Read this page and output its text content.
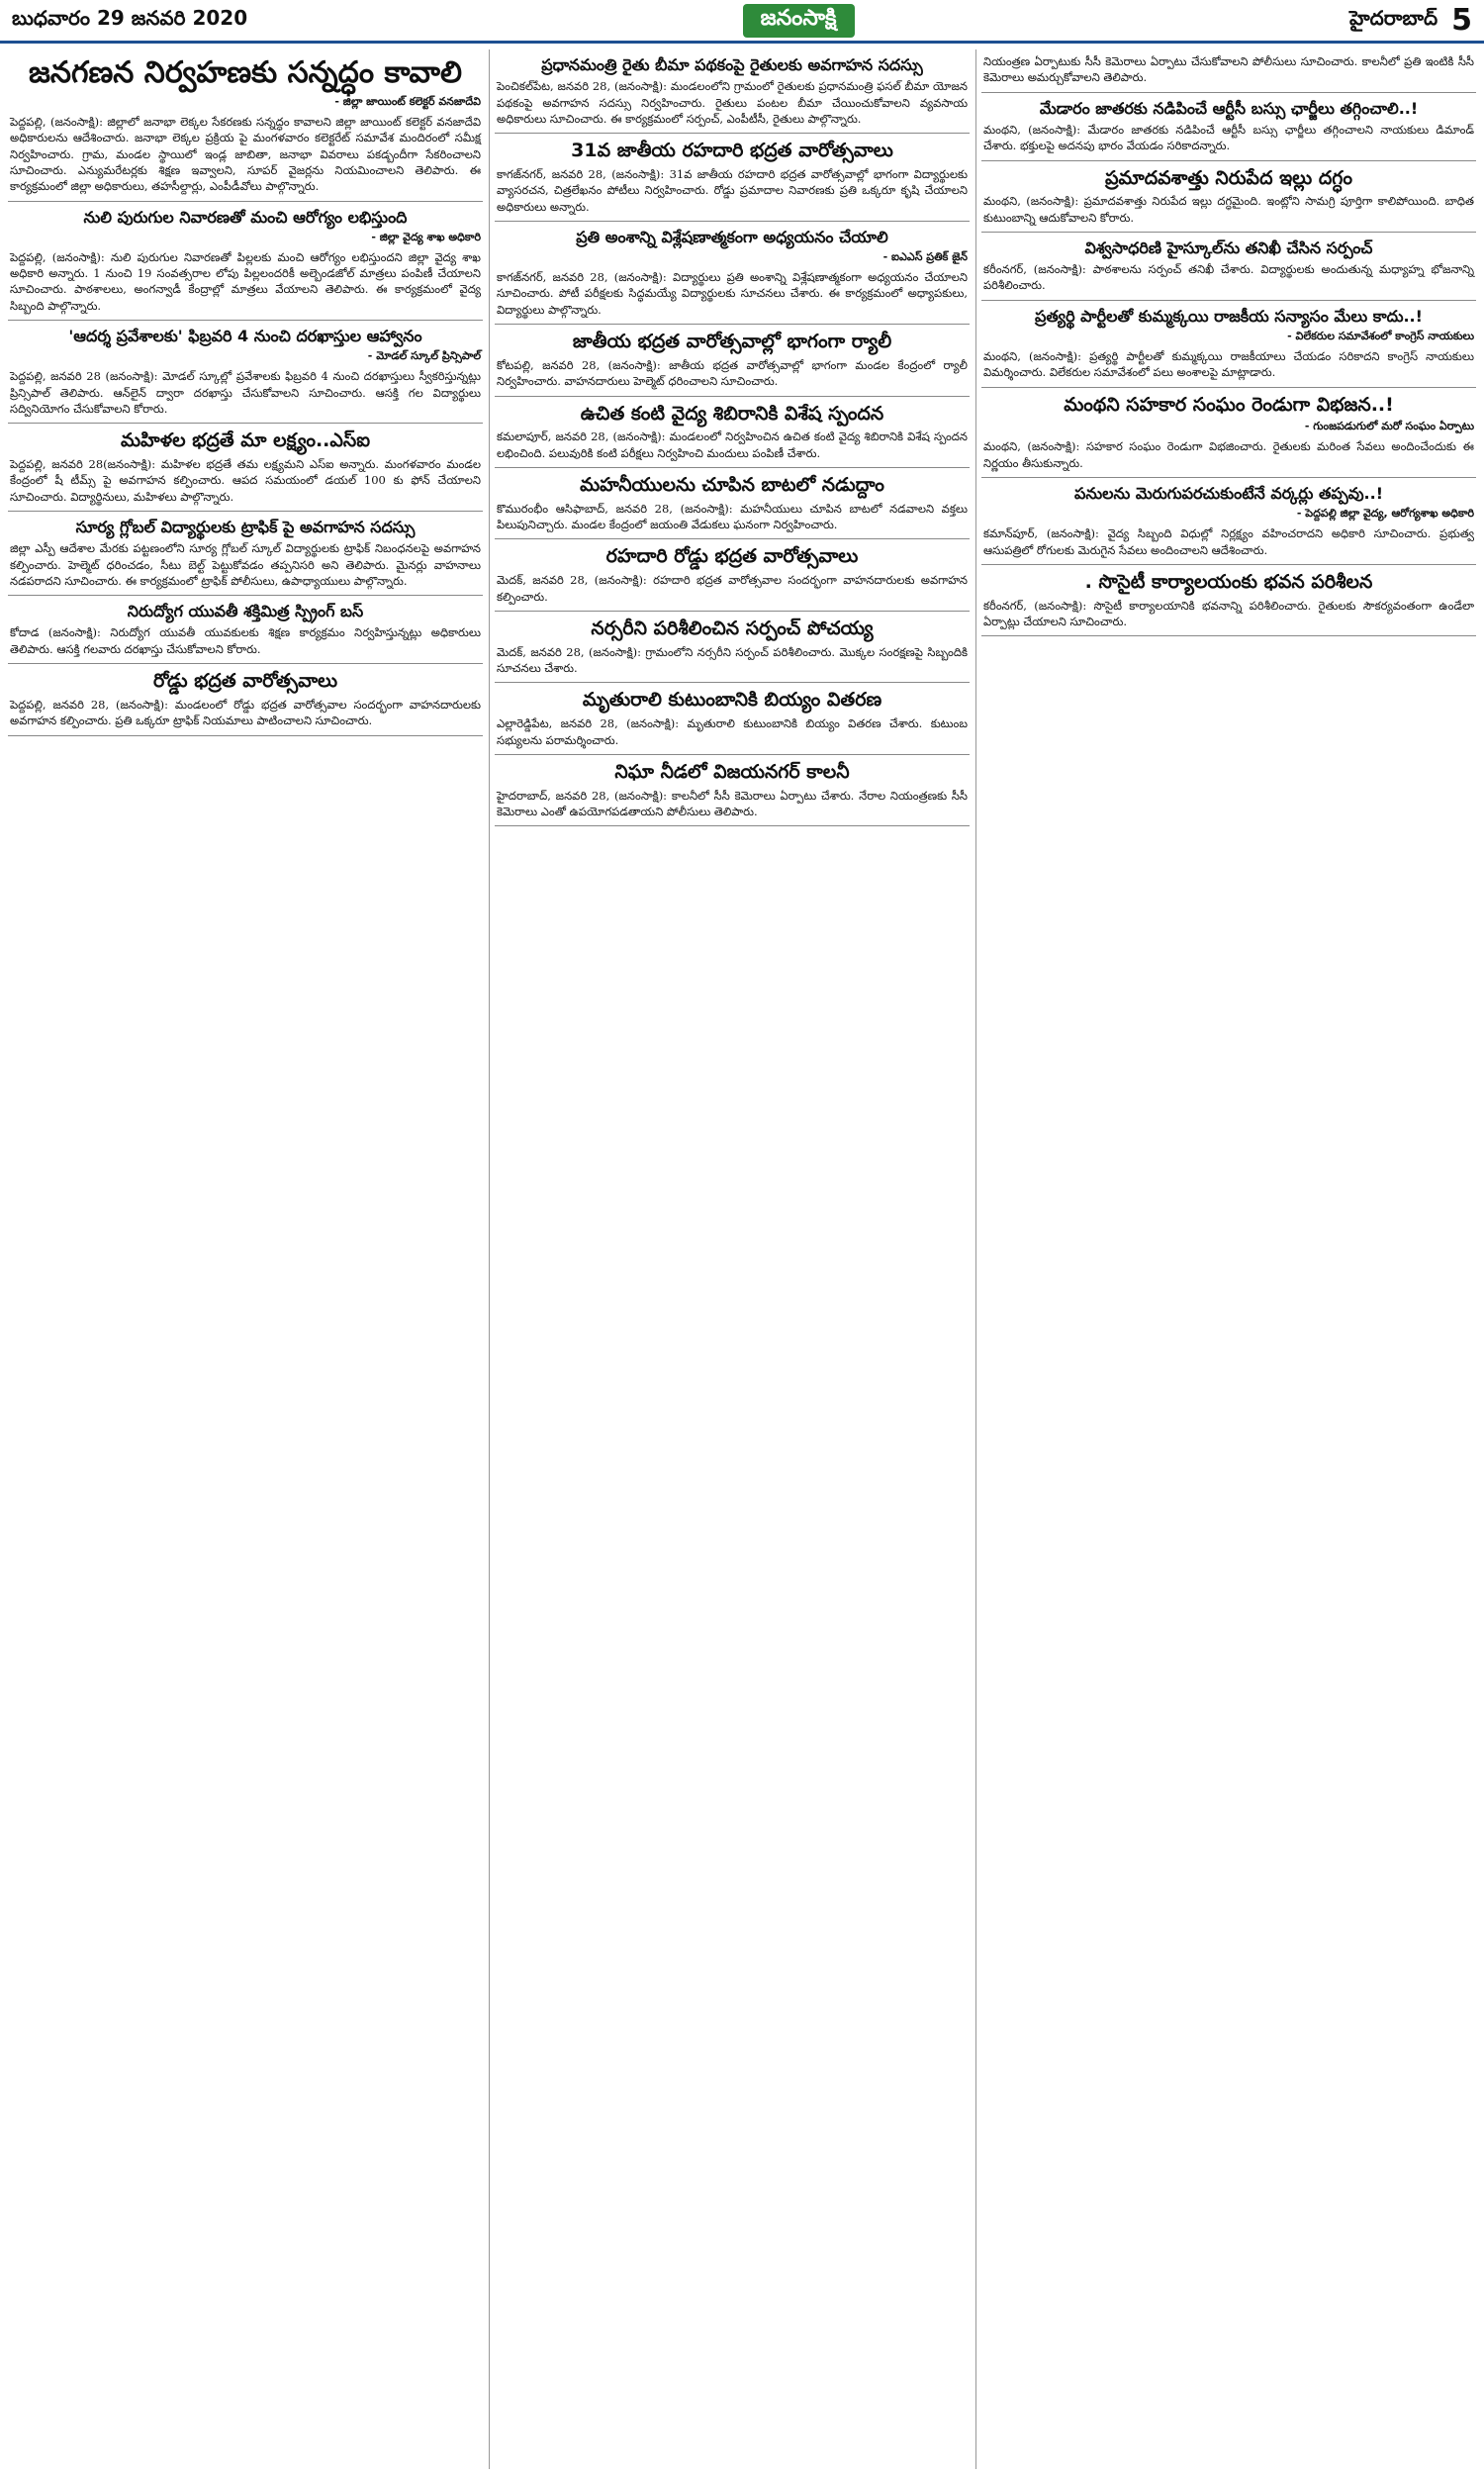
బుధవారం 29 జనవరి 2020	జనంసాక్షి	హైదరాబాద్ 5
జనగణన నిర్వహణకు సన్నద్ధం కావాలి
- జిల్లా జాయింట్ కలెక్టర్ వనజాదేవి

పెద్దపల్లి, (జనంసాక్షి): జిల్లాలో జనాభా లెక్కల సేకరణకు సన్నద్ధం కావాలని జిల్లా జాయింట్ కలెక్టర్ వనజాదేవి అధికారులను ఆదేశించారు. జనాభా లెక్కల ప్రక్రియ పై మంగళవారం కలెక్టరేట్ సమావేశ మందిరంలో సమీక్ష నిర్వహించారు. గ్రామ, మండల స్థాయిలో ఇండ్ల జాబితా, జనాభా వివరాలు పకడ్బందీగా సేకరించాలని సూచించారు. ఎన్యుమరేటర్లకు శిక్షణ ఇవ్వాలని, సూపర్ వైజర్లను నియమించాలని తెలిపారు. ఈ కార్యక్రమంలో జిల్లా అధికారులు, తహసీల్దార్లు, ఎంపీడీవోలు పాల్గొన్నారు.

నులి పురుగుల నివారణతో మంచి ఆరోగ్యం లభిస్తుంది
- జిల్లా వైద్య శాఖ అధికారి

పెద్దపల్లి, (జనంసాక్షి): నులి పురుగుల నివారణతో పిల్లలకు మంచి ఆరోగ్యం లభిస్తుందని జిల్లా వైద్య శాఖ అధికారి అన్నారు. 1 నుంచి 19 సంవత్సరాల లోపు పిల్లలందరికీ అల్బెండజోల్ మాత్రలు పంపిణీ చేయాలని సూచించారు. పాఠశాలలు, అంగన్వాడీ కేంద్రాల్లో మాత్రలు వేయాలని తెలిపారు. ఈ కార్యక్రమంలో వైద్య సిబ్బంది పాల్గొన్నారు.

'ఆదర్శ ప్రవేశాలకు' ఫిబ్రవరి 4 నుంచి దరఖాస్తుల ఆహ్వానం
- మోడల్ స్కూల్ ప్రిన్సిపాల్

పెద్దపల్లి, జనవరి 28 (జనంసాక్షి): మోడల్ స్కూల్లో ప్రవేశాలకు ఫిబ్రవరి 4 నుంచి దరఖాస్తులు స్వీకరిస్తున్నట్లు ప్రిన్సిపాల్ తెలిపారు. ఆన్‌లైన్ ద్వారా దరఖాస్తు చేసుకోవాలని సూచించారు. ఆసక్తి గల విద్యార్థులు సద్వినియోగం చేసుకోవాలని కోరారు.

మహిళల భద్రతే మా లక్ష్యం..ఎస్ఐ

పెద్దపల్లి, జనవరి 28(జనంసాక్షి): మహిళల భద్రతే తమ లక్ష్యమని ఎస్ఐ అన్నారు. మంగళవారం మండల కేంద్రంలో షీ టీమ్స్ పై అవగాహన కల్పించారు. ఆపద సమయంలో డయల్ 100 కు ఫోన్ చేయాలని సూచించారు. విద్యార్థినులు, మహిళలు పాల్గొన్నారు.

సూర్య గ్లోబల్ విద్యార్థులకు ట్రాఫిక్ పై అవగాహన సదస్సు

జిల్లా ఎస్పీ ఆదేశాల మేరకు పట్టణంలోని సూర్య గ్లోబల్ స్కూల్ విద్యార్థులకు ట్రాఫిక్ నిబంధనలపై అవగాహన కల్పించారు. హెల్మెట్ ధరించడం, సీటు బెల్ట్ పెట్టుకోవడం తప్పనిసరి అని తెలిపారు. మైనర్లు వాహనాలు నడపరాదని సూచించారు. ఈ కార్యక్రమంలో ట్రాఫిక్ పోలీసులు, ఉపాధ్యాయులు పాల్గొన్నారు.

నిరుద్యోగ యువతీ శక్తిమిత్ర స్ప్రింగ్ బస్

కోదాడ (జనంసాక్షి): నిరుద్యోగ యువతీ యువకులకు శిక్షణ కార్యక్రమం నిర్వహిస్తున్నట్లు అధికారులు తెలిపారు. ఆసక్తి గలవారు దరఖాస్తు చేసుకోవాలని కోరారు.

రోడ్డు భద్రత వారోత్సవాలు

పెద్దపల్లి, జనవరి 28, (జనంసాక్షి): మండలంలో రోడ్డు భద్రత వారోత్సవాల సందర్భంగా వాహనదారులకు అవగాహన కల్పించారు. ప్రతి ఒక్కరూ ట్రాఫిక్ నియమాలు పాటించాలని సూచించారు.

ప్రధానమంత్రి రైతు బీమా పథకంపై రైతులకు అవగాహన సదస్సు

పెంచికల్‌పేట, జనవరి 28, (జనంసాక్షి): మండలంలోని గ్రామంలో రైతులకు ప్రధానమంత్రి ఫసల్ బీమా యోజన పథకంపై అవగాహన సదస్సు నిర్వహించారు. రైతులు పంటల బీమా చేయించుకోవాలని వ్యవసాయ అధికారులు సూచించారు. ఈ కార్యక్రమంలో సర్పంచ్, ఎంపీటీసీ, రైతులు పాల్గొన్నారు.

31వ జాతీయ రహదారి భద్రత వారోత్సవాలు

కాగజ్‌నగర్, జనవరి 28, (జనంసాక్షి): 31వ జాతీయ రహదారి భద్రత వారోత్సవాల్లో భాగంగా విద్యార్థులకు వ్యాసరచన, చిత్రలేఖనం పోటీలు నిర్వహించారు. రోడ్డు ప్రమాదాల నివారణకు ప్రతి ఒక్కరూ కృషి చేయాలని అధికారులు అన్నారు.

ప్రతి అంశాన్ని విశ్లేషణాత్మకంగా అధ్యయనం చేయాలి
- ఐఎఎస్ ప్రతిక్ జైన్

కాగజ్‌నగర్, జనవరి 28, (జనంసాక్షి): విద్యార్థులు ప్రతి అంశాన్ని విశ్లేషణాత్మకంగా అధ్యయనం చేయాలని సూచించారు. పోటీ పరీక్షలకు సిద్ధమయ్యే విద్యార్థులకు సూచనలు చేశారు. ఈ కార్యక్రమంలో అధ్యాపకులు, విద్యార్థులు పాల్గొన్నారు.

జాతీయ భద్రత వారోత్సవాల్లో భాగంగా ర్యాలీ

కోటపల్లి, జనవరి 28, (జనంసాక్షి): జాతీయ భద్రత వారోత్సవాల్లో భాగంగా మండల కేంద్రంలో ర్యాలీ నిర్వహించారు. వాహనదారులు హెల్మెట్ ధరించాలని సూచించారు.

ఉచిత కంటి వైద్య శిబిరానికి విశేష స్పందన

కమలాపూర్, జనవరి 28, (జనంసాక్షి): మండలంలో నిర్వహించిన ఉచిత కంటి వైద్య శిబిరానికి విశేష స్పందన లభించింది. పలువురికి కంటి పరీక్షలు నిర్వహించి మందులు పంపిణీ చేశారు.

మహనీయులను చూపిన బాటలో నడుద్దాం

కొమురంభీం ఆసిఫాబాద్, జనవరి 28, (జనంసాక్షి): మహనీయులు చూపిన బాటలో నడవాలని వక్తలు పిలుపునిచ్చారు. మండల కేంద్రంలో జయంతి వేడుకలు ఘనంగా నిర్వహించారు.

రహదారి రోడ్డు భద్రత వారోత్సవాలు

మెదక్, జనవరి 28, (జనంసాక్షి): రహదారి భద్రత వారోత్సవాల సందర్భంగా వాహనదారులకు అవగాహన కల్పించారు.

నర్సరీని పరిశీలించిన సర్పంచ్ పోచయ్య

మెదక్, జనవరి 28, (జనంసాక్షి): గ్రామంలోని నర్సరీని సర్పంచ్ పరిశీలించారు. మొక్కల సంరక్షణపై సిబ్బందికి సూచనలు చేశారు.

మృతురాలి కుటుంబానికి బియ్యం వితరణ

ఎల్లారెడ్డిపేట, జనవరి 28, (జనంసాక్షి): మృతురాలి కుటుంబానికి బియ్యం వితరణ చేశారు. కుటుంబ సభ్యులను పరామర్శించారు.

నిఘా నీడలో విజయనగర్ కాలనీ

హైదరాబాద్, జనవరి 28, (జనంసాక్షి): కాలనీలో సీసీ కెమెరాలు ఏర్పాటు చేశారు. నేరాల నియంత్రణకు సీసీ కెమెరాలు ఎంతో ఉపయోగపడతాయని పోలీసులు తెలిపారు.

నియంత్రణ ఏర్పాటుకు సీసీ కెమెరాలు ఏర్పాటు చేసుకోవాలని పోలీసులు సూచించారు. కాలనీలో ప్రతి ఇంటికి సీసీ కెమెరాలు అమర్చుకోవాలని తెలిపారు.

మేడారం జాతరకు నడిపించే ఆర్టీసీ బస్సు ఛార్జీలు తగ్గించాలి..!

మంథని, (జనంసాక్షి): మేడారం జాతరకు నడిపించే ఆర్టీసీ బస్సు ఛార్జీలు తగ్గించాలని నాయకులు డిమాండ్ చేశారు. భక్తులపై అదనపు భారం వేయడం సరికాదన్నారు.

ప్రమాదవశాత్తు నిరుపేద ఇల్లు దగ్ధం

మంథని, (జనంసాక్షి): ప్రమాదవశాత్తు నిరుపేద ఇల్లు దగ్ధమైంది. ఇంట్లోని సామగ్రి పూర్తిగా కాలిపోయింది. బాధిత కుటుంబాన్ని ఆదుకోవాలని కోరారు.

విశ్వసాధరిణి హైస్కూల్‌ను తనిఖీ చేసిన సర్పంచ్

కరీంనగర్, (జనంసాక్షి): పాఠశాలను సర్పంచ్ తనిఖీ చేశారు. విద్యార్థులకు అందుతున్న మధ్యాహ్న భోజనాన్ని పరిశీలించారు.

ప్రత్యర్థి పార్టీలతో కుమ్మక్కయి రాజకీయ సన్యాసం మేలు కాదు..!
- విలేకరుల సమావేశంలో కాంగ్రెస్ నాయకులు

మంథని, (జనంసాక్షి): ప్రత్యర్థి పార్టీలతో కుమ్మక్కయి రాజకీయాలు చేయడం సరికాదని కాంగ్రెస్ నాయకులు విమర్శించారు. విలేకరుల సమావేశంలో పలు అంశాలపై మాట్లాడారు.

మంథని సహకార సంఘం రెండుగా విభజన..!
- గుంజపడుగులో మరో సంఘం ఏర్పాటు

మంథని, (జనంసాక్షి): సహకార సంఘం రెండుగా విభజించారు. రైతులకు మరింత సేవలు అందించేందుకు ఈ నిర్ణయం తీసుకున్నారు.

పనులను మెరుగుపరచుకుంటేనే వర్కర్లు తప్పవు..!
- పెద్దపల్లి జిల్లా వైద్య, ఆరోగ్యశాఖ అధికారి

కమాన్‌పూర్, (జనంసాక్షి): వైద్య సిబ్బంది విధుల్లో నిర్లక్ష్యం వహించరాదని అధికారి సూచించారు. ప్రభుత్వ ఆసుపత్రిలో రోగులకు మెరుగైన సేవలు అందించాలని ఆదేశించారు.

. సొసైటీ కార్యాలయంకు భవన పరిశీలన

కరీంనగర్, (జనంసాక్షి): సొసైటీ కార్యాలయానికి భవనాన్ని పరిశీలించారు. రైతులకు సౌకర్యవంతంగా ఉండేలా ఏర్పాట్లు చేయాలని సూచించారు.
